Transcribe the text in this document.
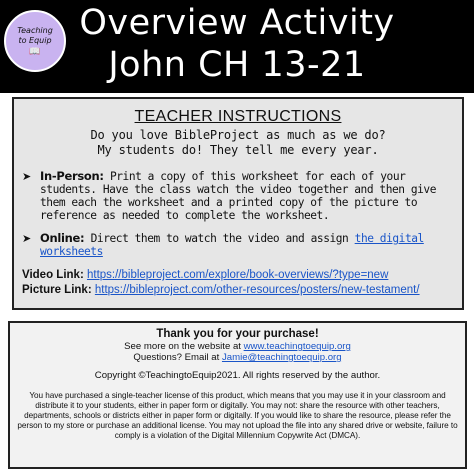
Teaching
to Equip
📖
Overview Activity
John CH 13-21
TEACHER INSTRUCTIONS
Do you love BibleProject as much as we do?
My students do! They tell me every year.
➤ In-Person: Print a copy of this worksheet for each of your students. Have the class watch the video together and then give them each the worksheet and a printed copy of the picture to reference as needed to complete the worksheet.
➤ Online: Direct them to watch the video and assign the digital worksheets
Video Link: https://bibleproject.com/explore/book-overviews/?type=new
Picture Link: https://bibleproject.com/other-resources/posters/new-testament/
Thank you for your purchase!
See more on the website at www.teachingtoequip.org
Questions? Email at Jamie@teachingtoequip.org
Copyright ©TeachingtoEquip2021. All rights reserved by the author.
You have purchased a single-teacher license of this product, which means that you may use it in your classroom and distribute it to your students, either in paper form or digitally. You may not: share the resource with other teachers, departments, schools or districts either in paper form or digitally. If you would like to share the resource, please refer the person to my store or purchase an additional license. You may not upload the file into any shared drive or website, failure to comply is a violation of the Digital Millennium Copywrite Act (DMCA).
